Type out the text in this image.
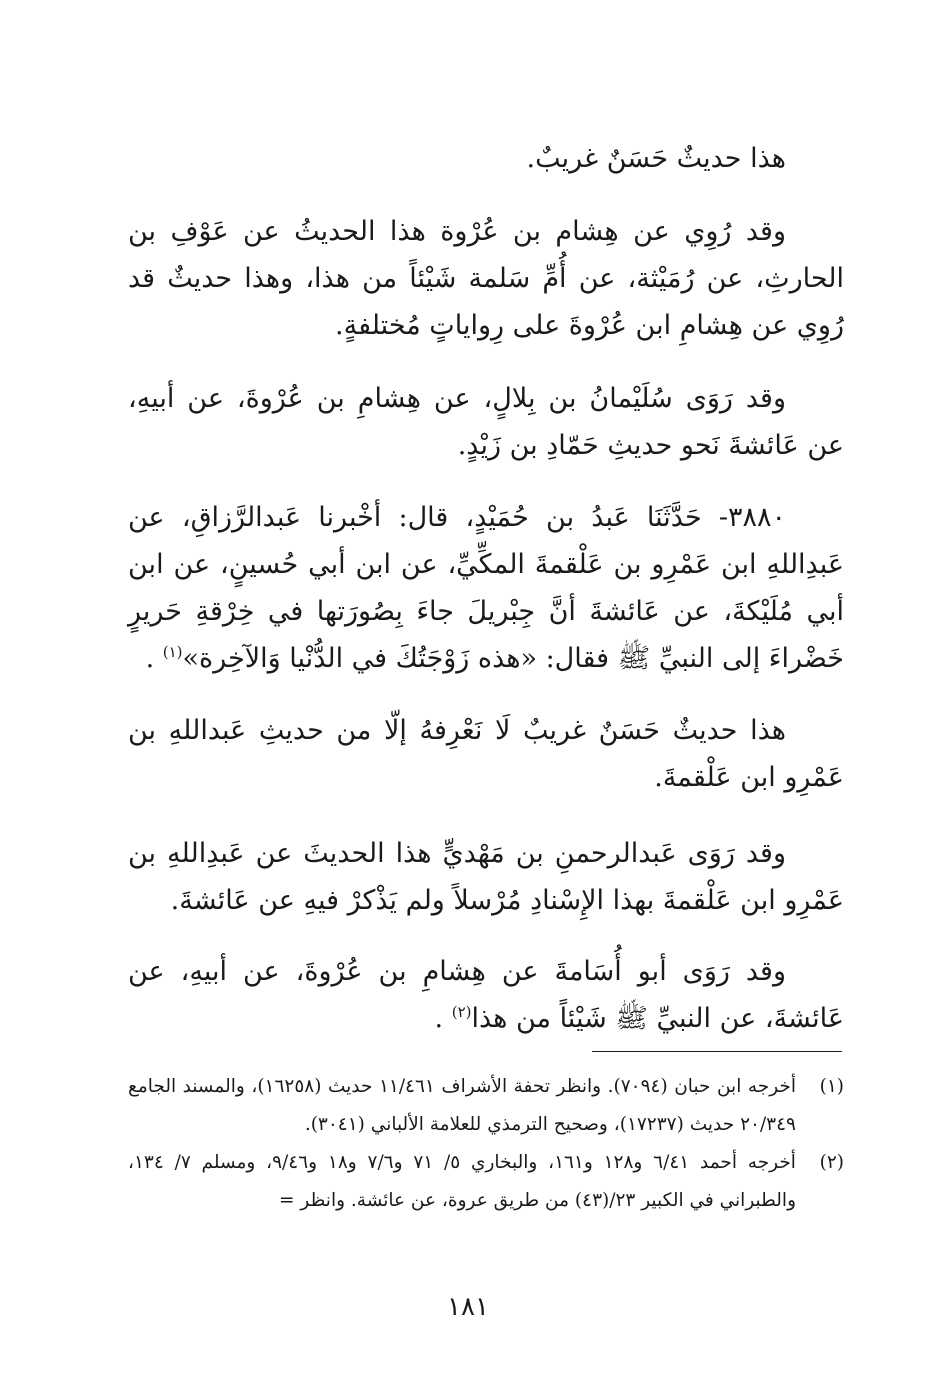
هذا حديثٌ حَسَنٌ غريبٌ.
وقد رُوِي عن هِشام بن عُرْوة هذا الحديثُ عن عَوْفِ بن الحارثِ، عن رُمَيْثة، عن أُمِّ سَلمة شَيْئاً من هذا، وهذا حديثٌ قد رُوِي عن هِشامِ ابن عُرْوةَ على رِواياتٍ مُختلفةٍ.
وقد رَوَى سُلَيْمانُ بن بِلالٍ، عن هِشامِ بن عُرْوةَ، عن أبيهِ، عن عَائشةَ نَحو حديثِ حَمّادِ بن زَيْدٍ.
٣٨٨٠- حَدَّثَنَا عَبدُ بن حُمَيْدٍ، قال: أخْبرنا عَبدالرَّزاقِ، عن عَبدِاللهِ ابن عَمْرِو بن عَلْقمةَ المكِّيِّ، عن ابن أبي حُسينٍ، عن ابن أبي مُلَيْكةَ، عن عَائشةَ أنَّ جِبْريلَ جاءَ بِصُورَتها في خِرْقةِ حَريرٍ خَضْراءَ إلى النبيِّ ﷺ فقال: «هذه زَوْجَتُكَ في الدُّنْيا وَالآخِرة»$^{(١)}$ .
هذا حديثٌ حَسَنٌ غريبٌ لَا نَعْرِفهُ إلّا من حديثِ عَبداللهِ بن عَمْرِو ابن عَلْقمةَ.
وقد رَوَى عَبدالرحمنِ بن مَهْديٍّ هذا الحديثَ عن عَبدِاللهِ بن عَمْرِو ابن عَلْقمةَ بهذا الإِسْنادِ مُرْسلاً ولم يَذْكرْ فيهِ عن عَائشةَ.
وقد رَوَى أبو أُسَامةَ عن هِشامِ بن عُرْوةَ، عن أبيهِ، عن عَائشةَ، عن النبيِّ ﷺ شَيْئاً من هذا$^{(٢)}$ .
(١)
أخرجه ابن حبان (٧٠٩٤). وانظر تحفة الأشراف ١١/٤٦١ حديث (١٦٢٥٨)، والمسند الجامع ٢٠/٣٤٩ حديث (١٧٢٣٧)، وصحيح الترمذي للعلامة الألباني (٣٠٤١).
(٢)
أخرجه أحمد ٦/٤١ و١٢٨ و١٦١، والبخاري ٥/ ٧١ و٧/٦ و١٨ و٩/٤٦، ومسلم ٧/ ١٣٤، والطبراني في الكبير ٢٣/(٤٣) من طريق عروة، عن عائشة. وانظر =
١٨١
